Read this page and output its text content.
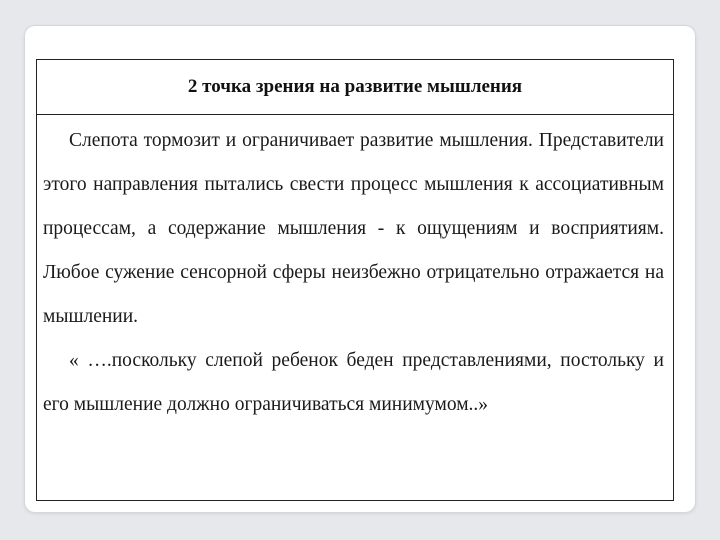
2 точка зрения на развитие мышления

Слепота тормозит и ограничивает развитие мышления. Представители этого направления пытались свести процесс мышления к ассоциативным процессам, а содержание мышления - к ощущениям и восприятиям. Любое сужение сенсорной сферы неизбежно отрицательно отражается на мышлении.

« ….поскольку слепой ребенок беден представлениями, постольку и его мышление должно ограничиваться минимумом..»
